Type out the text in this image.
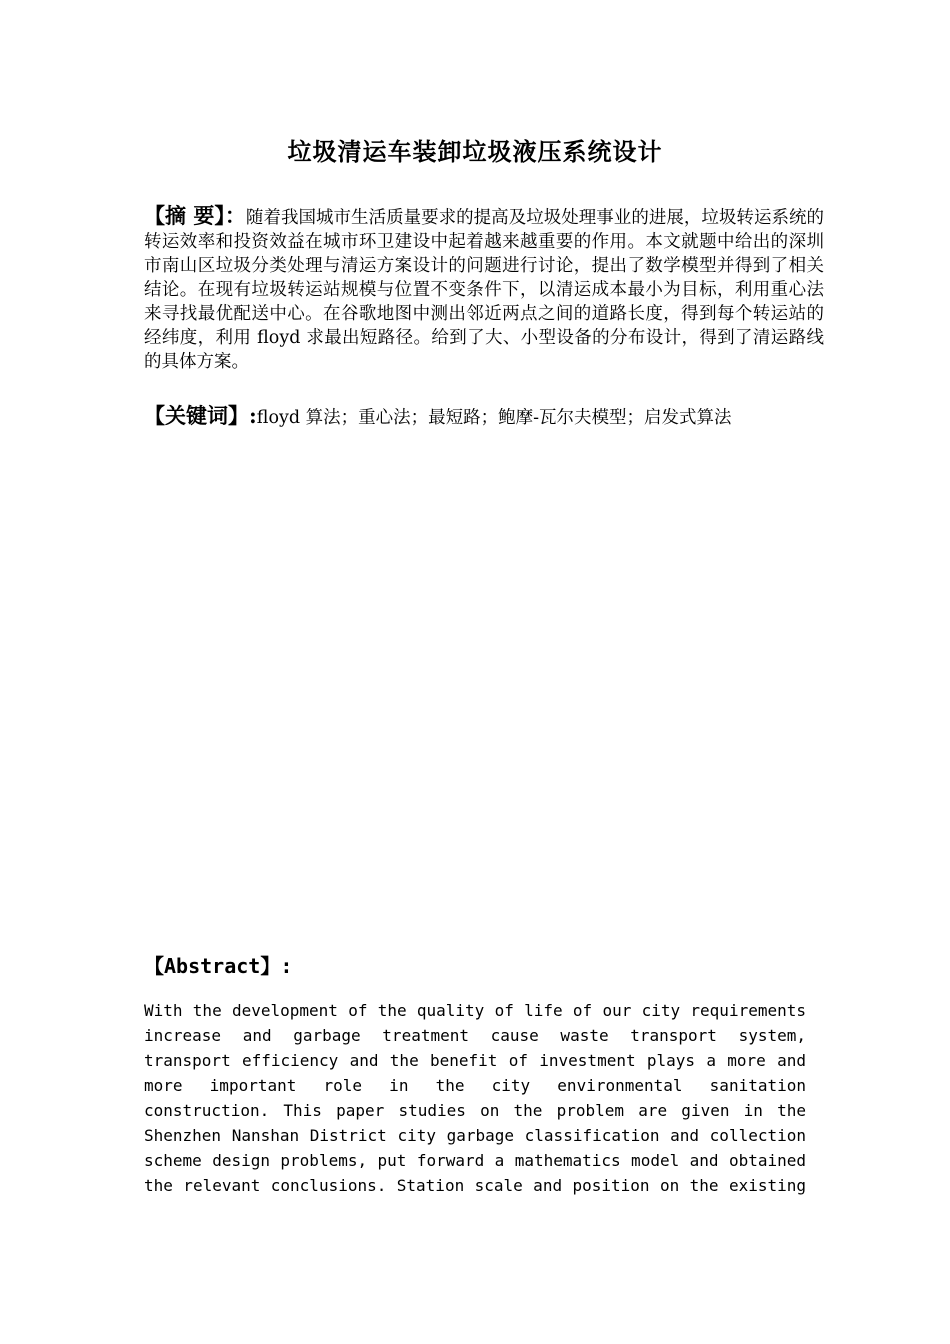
垃圾清运车装卸垃圾液压系统设计
【摘 要】：随着我国城市生活质量要求的提高及垃圾处理事业的进展，垃圾转运系统的转运效率和投资效益在城市环卫建设中起着越来越重要的作用。本文就题中给出的深圳市南山区垃圾分类处理与清运方案设计的问题进行讨论，提出了数学模型并得到了相关结论。在现有垃圾转运站规模与位置不变条件下，以清运成本最小为目标，利用重心法来寻找最优配送中心。在谷歌地图中测出邻近两点之间的道路长度，得到每个转运站的经纬度，利用 floyd 求最出短路径。给到了大、小型设备的分布设计，得到了清运路线的具体方案。
【关键词】:floyd 算法；重心法；最短路；鲍摩-瓦尔夫模型；启发式算法
【Abstract】:
With the development of the quality of life of our city requirements
increase and garbage treatment cause waste transport system,
transport efficiency and the benefit of investment plays a more and
more important role in the city environmental sanitation
construction. This paper studies on the problem are given in the
Shenzhen Nanshan District city garbage classification and collection
scheme design problems, put forward a mathematics model and obtained
the relevant conclusions. Station scale and position on the existing
